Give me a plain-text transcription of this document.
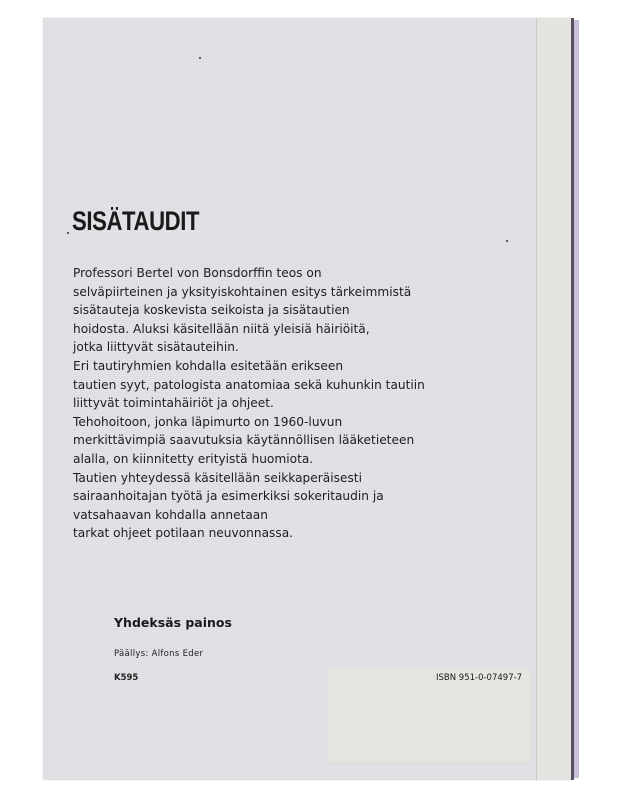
SISÄTAUDIT
Professori Bertel von Bonsdorffin teos on
selväpiirteinen ja yksityiskohtainen esitys tärkeimmistä
sisätauteja koskevista seikoista ja sisätautien
hoidosta. Aluksi käsitellään niitä yleisiä häiriöitä,
jotka liittyvät sisätauteihin.
Eri tautiryhmien kohdalla esitetään erikseen
tautien syyt, patologista anatomiaa sekä kuhunkin tautiin
liittyvät toimintahäiriöt ja ohjeet.
Tehohoitoon, jonka läpimurto on 1960-luvun
merkittävimpiä saavutuksia käytännöllisen lääketieteen
alalla, on kiinnitetty erityistä huomiota.
Tautien yhteydessä käsitellään seikkaperäisesti
sairaanhoitajan työtä ja esimerkiksi sokeritaudin ja
vatsahaavan kohdalla annetaan
tarkat ohjeet potilaan neuvonnassa.
Yhdeksäs painos
Päällys: Alfons Eder
K595	ISBN 951-0-07497-7
